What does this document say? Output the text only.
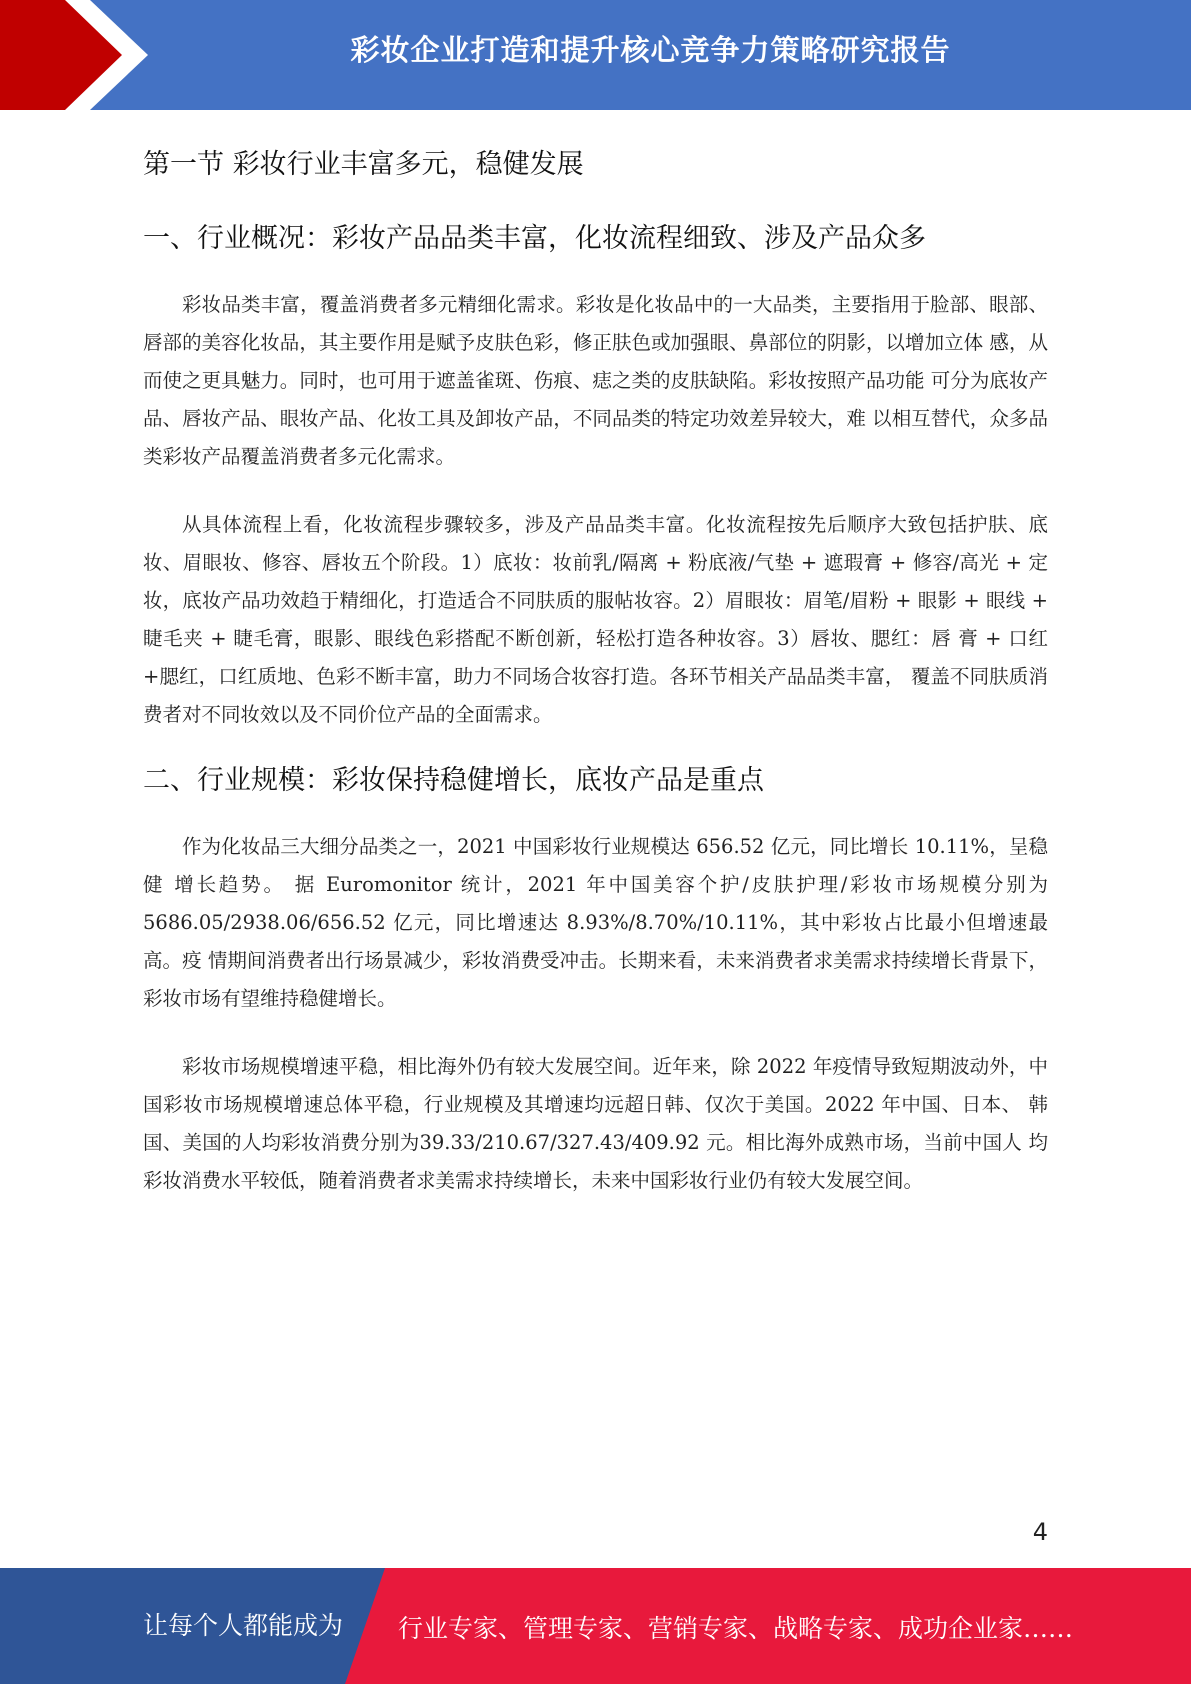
彩妆企业打造和提升核心竞争力策略研究报告
第一节 彩妆行业丰富多元，稳健发展
一、行业概况：彩妆产品品类丰富，化妆流程细致、涉及产品众多

彩妆品类丰富，覆盖消费者多元精细化需求。彩妆是化妆品中的一大品类，主要指用于脸部、眼部、 唇部的美容化妆品，其主要作用是赋予皮肤色彩，修正肤色或加强眼、鼻部位的阴影，以增加立体 感，从而使之更具魅力。同时，也可用于遮盖雀斑、伤痕、痣之类的皮肤缺陷。彩妆按照产品功能 可分为底妆产品、唇妆产品、眼妆产品、化妆工具及卸妆产品，不同品类的特定功效差异较大，难 以相互替代，众多品类彩妆产品覆盖消费者多元化需求。

从具体流程上看，化妆流程步骤较多，涉及产品品类丰富。化妆流程按先后顺序大致包括护肤、底 妆、眉眼妆、修容、唇妆五个阶段。1）底妆：妆前乳/隔离 + 粉底液/气垫 + 遮瑕膏 + 修容/高光 + 定妆，底妆产品功效趋于精细化，打造适合不同肤质的服帖妆容。2）眉眼妆：眉笔/眉粉 + 眼影 + 眼线 + 睫毛夹 + 睫毛膏，眼影、眼线色彩搭配不断创新，轻松打造各种妆容。3）唇妆、腮红：唇 膏 + 口红+腮红，口红质地、色彩不断丰富，助力不同场合妆容打造。各环节相关产品品类丰富， 覆盖不同肤质消费者对不同妆效以及不同价位产品的全面需求。

二、行业规模：彩妆保持稳健增长，底妆产品是重点

作为化妆品三大细分品类之一，2021 中国彩妆行业规模达 656.52 亿元，同比增长 10.11%，呈稳健 增长趋势。 据 Euromonitor 统计，2021 年中国美容个护/皮肤护理/彩妆市场规模分别为5686.05/2938.06/656.52 亿元，同比增速达 8.93%/8.70%/10.11%，其中彩妆占比最小但增速最高。疫 情期间消费者出行场景减少，彩妆消费受冲击。长期来看，未来消费者求美需求持续增长背景下， 彩妆市场有望维持稳健增长。

彩妆市场规模增速平稳，相比海外仍有较大发展空间。近年来，除 2022 年疫情导致短期波动外，中 国彩妆市场规模增速总体平稳，行业规模及其增速均远超日韩、仅次于美国。2022 年中国、日本、 韩国、美国的人均彩妆消费分别为39.33/210.67/327.43/409.92 元。相比海外成熟市场，当前中国人 均彩妆消费水平较低，随着消费者求美需求持续增长，未来中国彩妆行业仍有较大发展空间。

4
让每个人都能成为 行业专家、管理专家、营销专家、战略专家、成功企业家……
